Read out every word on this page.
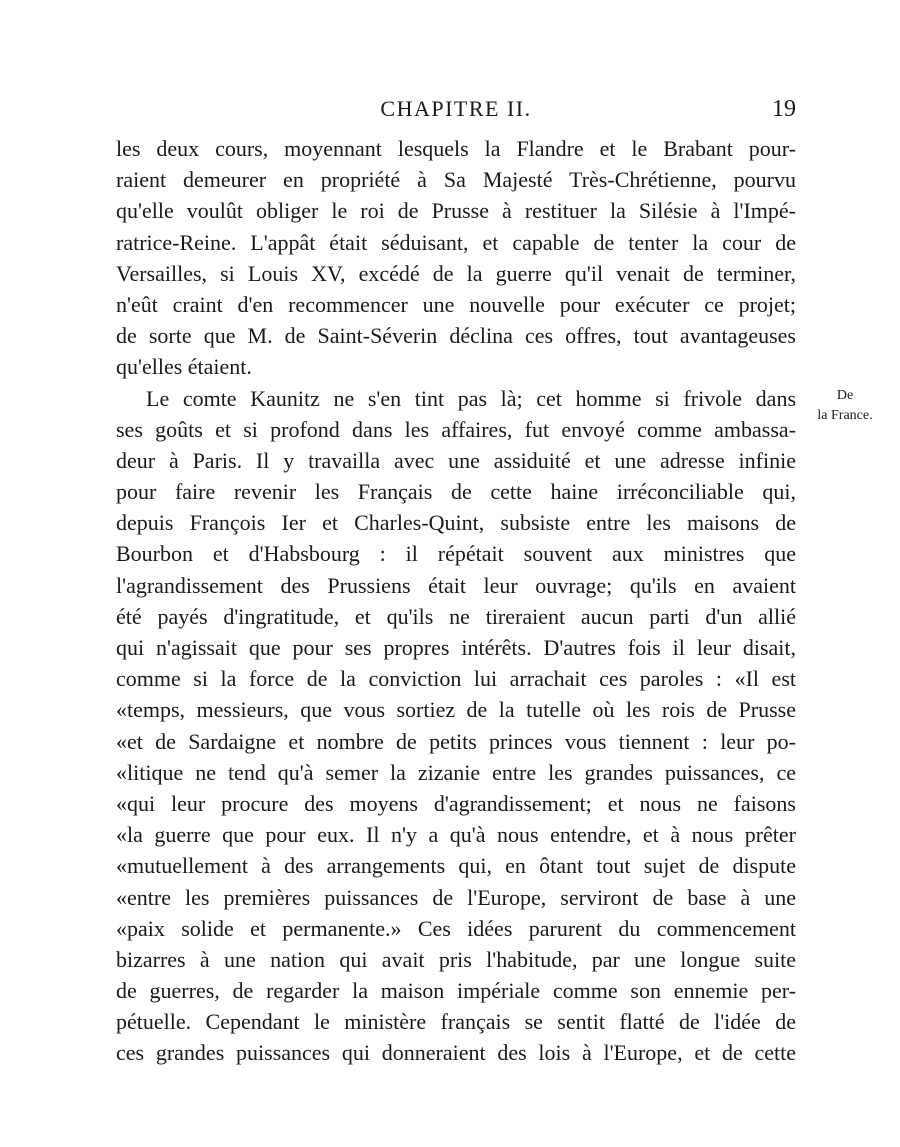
CHAPITRE II.	19
De
la France.
les deux cours, moyennant lesquels la Flandre et le Brabant pour-
raient demeurer en propriété à Sa Majesté Très-Chrétienne, pourvu
qu'elle voulût obliger le roi de Prusse à restituer la Silésie à l'Impé-
ratrice-Reine. L'appât était séduisant, et capable de tenter la cour de
Versailles, si Louis XV, excédé de la guerre qu'il venait de terminer,
n'eût craint d'en recommencer une nouvelle pour exécuter ce projet;
de sorte que M. de Saint-Séverin déclina ces offres, tout avantageuses
qu'elles étaient.
Le comte Kaunitz ne s'en tint pas là; cet homme si frivole dans
ses goûts et si profond dans les affaires, fut envoyé comme ambassa-
deur à Paris. Il y travailla avec une assiduité et une adresse infinie
pour faire revenir les Français de cette haine irréconciliable qui,
depuis François Ier et Charles-Quint, subsiste entre les maisons de
Bourbon et d'Habsbourg : il répétait souvent aux ministres que
l'agrandissement des Prussiens était leur ouvrage; qu'ils en avaient
été payés d'ingratitude, et qu'ils ne tireraient aucun parti d'un allié
qui n'agissait que pour ses propres intérêts. D'autres fois il leur disait,
comme si la force de la conviction lui arrachait ces paroles : «Il est
«temps, messieurs, que vous sortiez de la tutelle où les rois de Prusse
«et de Sardaigne et nombre de petits princes vous tiennent : leur po-
«litique ne tend qu'à semer la zizanie entre les grandes puissances, ce
«qui leur procure des moyens d'agrandissement; et nous ne faisons
«la guerre que pour eux. Il n'y a qu'à nous entendre, et à nous prêter
«mutuellement à des arrangements qui, en ôtant tout sujet de dispute
«entre les premières puissances de l'Europe, serviront de base à une
«paix solide et permanente.» Ces idées parurent du commencement
bizarres à une nation qui avait pris l'habitude, par une longue suite
de guerres, de regarder la maison impériale comme son ennemie per-
pétuelle. Cependant le ministère français se sentit flatté de l'idée de
ces grandes puissances qui donneraient des lois à l'Europe, et de cette
